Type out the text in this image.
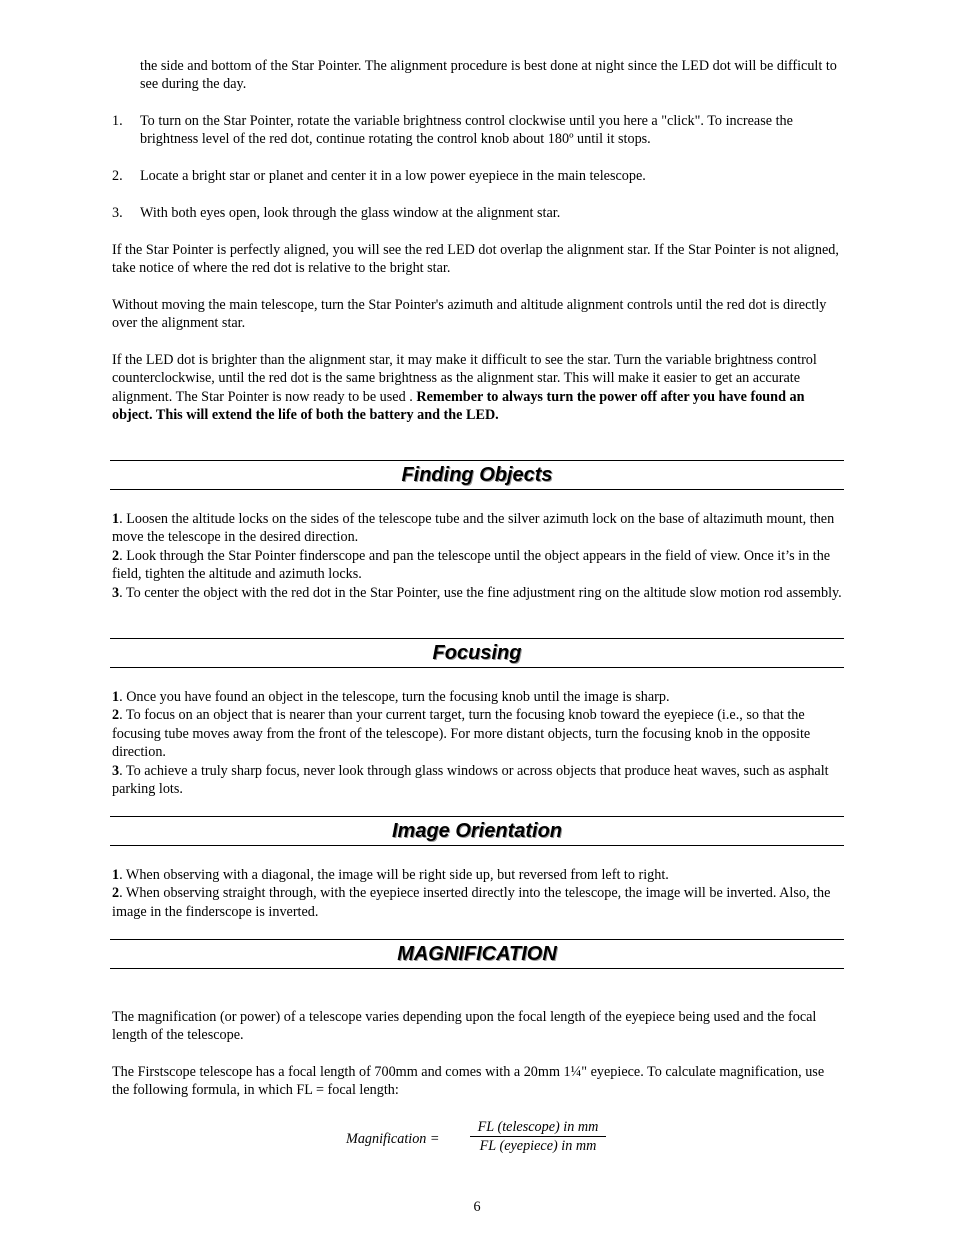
the side and bottom of the Star Pointer. The alignment procedure is best done at night since the LED dot will be difficult to see during the day.

1. To turn on the Star Pointer, rotate the variable brightness control clockwise until you here a "click". To increase the brightness level of the red dot, continue rotating the control knob about 180º until it stops.
2. Locate a bright star or planet and center it in a low power eyepiece in the main telescope.
3. With both eyes open, look through the glass window at the alignment star.

If the Star Pointer is perfectly aligned, you will see the red LED dot overlap the alignment star. If the Star Pointer is not aligned, take notice of where the red dot is relative to the bright star.

Without moving the main telescope, turn the Star Pointer's azimuth and altitude alignment controls until the red dot is directly over the alignment star.

If the LED dot is brighter than the alignment star, it may make it difficult to see the star. Turn the variable brightness control counterclockwise, until the red dot is the same brightness as the alignment star. This will make it easier to get an accurate alignment. The Star Pointer is now ready to be used . Remember to always turn the power off after you have found an object. This will extend the life of both the battery and the LED.

Finding Objects

1. Loosen the altitude locks on the sides of the telescope tube and the silver azimuth lock on the base of altazimuth mount, then move the telescope in the desired direction.
2. Look through the Star Pointer finderscope and pan the telescope until the object appears in the field of view. Once it’s in the field, tighten the altitude and azimuth locks.
3. To center the object with the red dot in the Star Pointer, use the fine adjustment ring on the altitude slow motion rod assembly.

Focusing

1. Once you have found an object in the telescope, turn the focusing knob until the image is sharp.
2. To focus on an object that is nearer than your current target, turn the focusing knob toward the eyepiece (i.e., so that the focusing tube moves away from the front of the telescope). For more distant objects, turn the focusing knob in the opposite direction.
3. To achieve a truly sharp focus, never look through glass windows or across objects that produce heat waves, such as asphalt parking lots.

Image Orientation

1. When observing with a diagonal, the image will be right side up, but reversed from left to right.
2. When observing straight through, with the eyepiece inserted directly into the telescope, the image will be inverted. Also, the image in the finderscope is inverted.

MAGNIFICATION

The magnification (or power) of a telescope varies depending upon the focal length of the eyepiece being used and the focal length of the telescope.

The Firstscope telescope has a focal length of 700mm and comes with a 20mm 1¼" eyepiece. To calculate magnification, use the following formula, in which FL = focal length:

Magnification =
FL (telescope) in mm
FL (eyepiece) in mm
6
